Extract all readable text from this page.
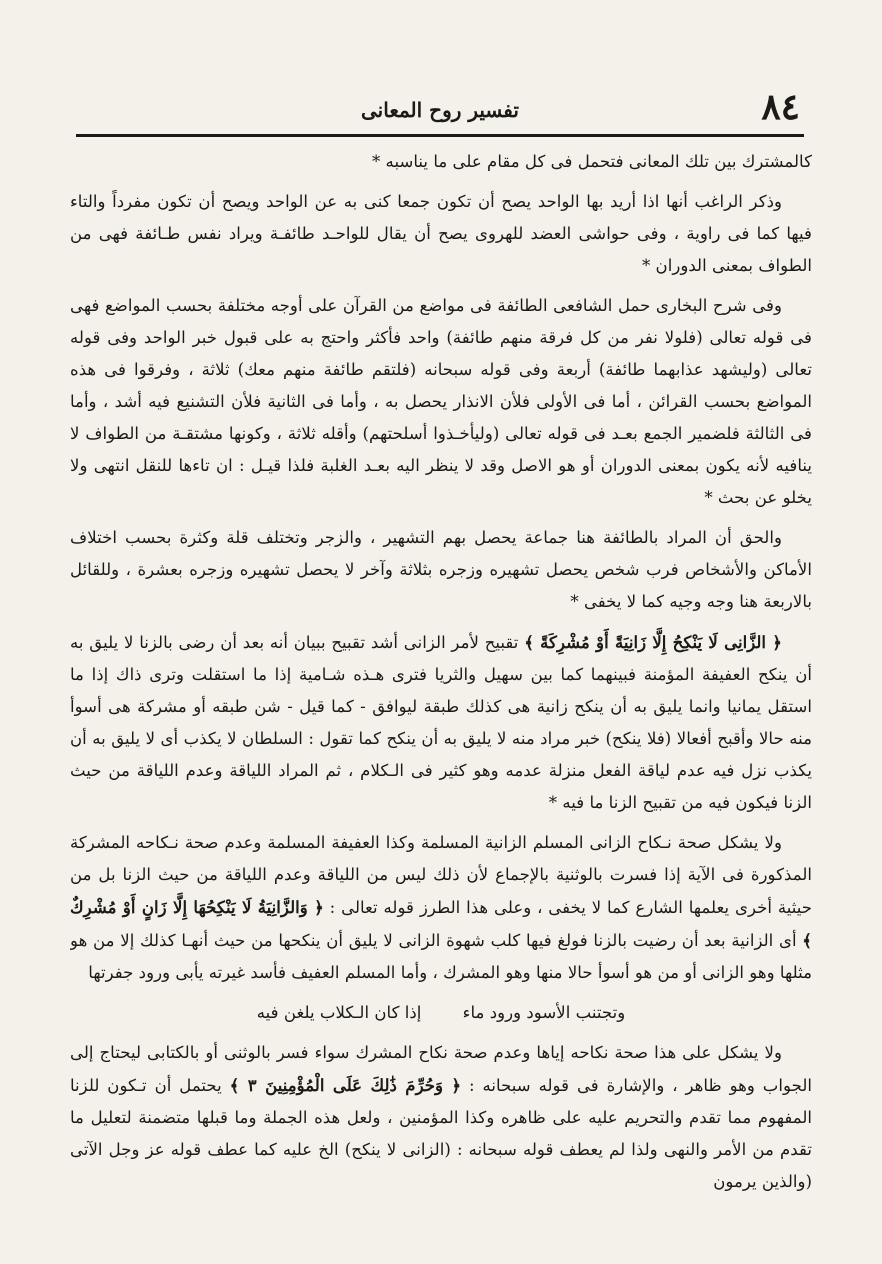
٨٤
تفسير روح المعانى

كالمشترك بين تلك المعانى فتحمل فى كل مقام على ما يناسبه *

وذكر الراغب أنها اذا أريد بها الواحد يصح أن تكون جمعا كنى به عن الواحد ويصح أن تكون مفرداً والتاء فيها كما فى راوية ، وفى حواشى العضد للهروى يصح أن يقال للواحـد طائفـة ويراد نفس طـائفة فهى من الطواف بمعنى الدوران *

وفى شرح البخارى حمل الشافعى الطائفة فى مواضع من القرآن على أوجه مختلفة بحسب المواضع فهى فى قوله تعالى (فلولا نفر من كل فرقة منهم طائفة) واحد فأكثر واحتج به على قبول خبر الواحد وفى قوله تعالى (وليشهد عذابهما طائفة) أربعة وفى قوله سبحانه (فلتقم طائفة منهم معك) ثلاثة ، وفرقوا فى هذه المواضع بحسب القرائن ، أما فى الأولى فلأن الانذار يحصل به ، وأما فى الثانية فلأن التشنيع فيه أشد ، وأما فى الثالثة فلضمير الجمع بعـد فى قوله تعالى (وليأخـذوا أسلحتهم) وأقله ثلاثة ، وكونها مشتقـة من الطواف لا ينافيه لأنه يكون بمعنى الدوران أو هو الاصل وقد لا ينظر اليه بعـد الغلبة فلذا قيـل : ان تاءها للنقل انتهى ولا يخلو عن بحث *

والحق أن المراد بالطائفة هنا جماعة يحصل بهم التشهير ، والزجر وتختلف قلة وكثرة بحسب اختلاف الأماكن والأشخاص فرب شخص يحصل تشهيره وزجره بثلاثة وآخر لا يحصل تشهيره وزجره بعشرة ، وللقائل بالاربعة هنا وجه وجيه كما لا يخفى *

﴿ الزَّانِى لَا يَنْكِحُ إِلَّا زَانِيَةً أَوْ مُشْرِكَةً ﴾ تقبيح لأمر الزانى أشد تقبيح ببيان أنه بعد أن رضى بالزنا لا يليق به أن ينكح العفيفة المؤمنة فبينهما كما بين سهيل والثريا فترى هـذه شـامية إذا ما استقلت وترى ذاك إذا ما استقل يمانيا وانما يليق به أن ينكح زانية هى كذلك طبقة ليوافق - كما قيل - شن طبقه أو مشركة هى أسوأ منه حالا وأقبح أفعالا (فلا ينكح) خبر مراد منه لا يليق به أن ينكح كما تقول : السلطان لا يكذب أى لا يليق به أن يكذب نزل فيه عدم لياقة الفعل منزلة عدمه وهو كثير فى الـكلام ، ثم المراد اللياقة وعدم اللياقة من حيث الزنا فيكون فيه من تقبيح الزنا ما فيه *

ولا يشكل صحة نـكاح الزانى المسلم الزانية المسلمة وكذا العفيفة المسلمة وعدم صحة نـكاحه المشركة المذكورة فى الآية إذا فسرت بالوثنية بالإجماع لأن ذلك ليس من اللياقة وعدم اللياقة من حيث الزنا بل من حيثية أخرى يعلمها الشارع كما لا يخفى ، وعلى هذا الطرز قوله تعالى : ﴿ وَالزَّانِيَةُ لَا يَنْكِحُهَا إِلَّا زَانٍ أَوْ مُشْرِكٌ ﴾ أى الزانية بعد أن رضيت بالزنا فولغ فيها كلب شهوة الزانى لا يليق أن ينكحها من حيث أنهـا كذلك إلا من هو مثلها وهو الزانى أو من هو أسوأ حالا منها وهو المشرك ، وأما المسلم العفيف فأسد غيرته يأبى ورود جفرتها

وتجتنب الأسود ورود ماء إذا كان الـكلاب يلغن فيه

ولا يشكل على هذا صحة نكاحه إياها وعدم صحة نكاح المشرك سواء فسر بالوثنى أو بالكتابى ليحتاج إلى الجواب وهو ظاهر ، والإشارة فى قوله سبحانه : ﴿ وَحُرِّمَ ذَٰلِكَ عَلَى الْمُؤْمِنِينَ ٣ ﴾ يحتمل أن تـكون للزنا المفهوم مما تقدم والتحريم عليه على ظاهره وكذا المؤمنين ، ولعل هذه الجملة وما قبلها متضمنة لتعليل ما تقدم من الأمر والنهى ولذا لم يعطف قوله سبحانه : (الزانى لا ينكح) الخ عليه كما عطف قوله عز وجل الآتى (والذين يرمون
